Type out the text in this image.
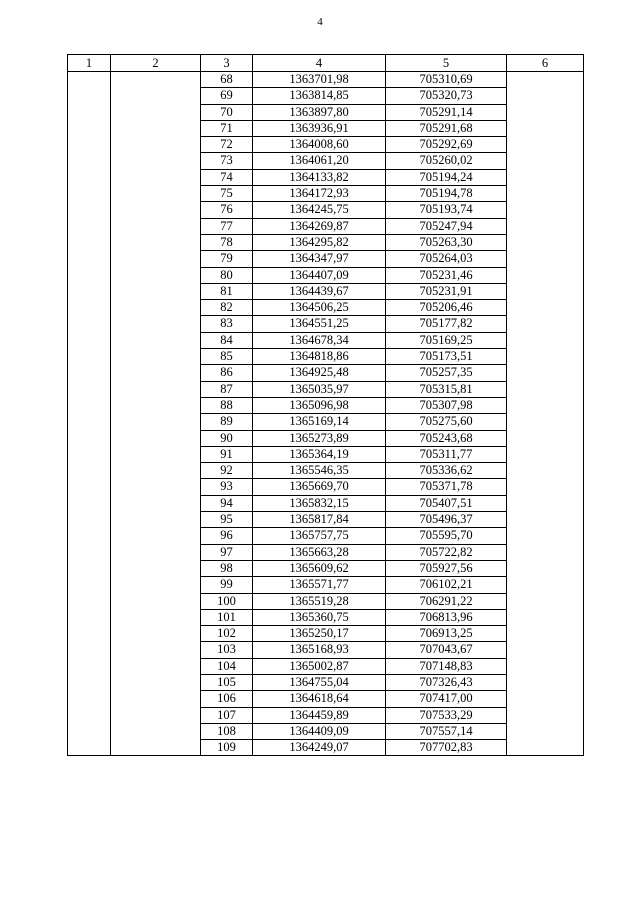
4
1	2	3	4	5	6
		68	1363701,98	705310,69	
		69	1363814,85	705320,73	
		70	1363897,80	705291,14	
		71	1363936,91	705291,68	
		72	1364008,60	705292,69	
		73	1364061,20	705260,02	
		74	1364133,82	705194,24	
		75	1364172,93	705194,78	
		76	1364245,75	705193,74	
		77	1364269,87	705247,94	
		78	1364295,82	705263,30	
		79	1364347,97	705264,03	
		80	1364407,09	705231,46	
		81	1364439,67	705231,91	
		82	1364506,25	705206,46	
		83	1364551,25	705177,82	
		84	1364678,34	705169,25	
		85	1364818,86	705173,51	
		86	1364925,48	705257,35	
		87	1365035,97	705315,81	
		88	1365096,98	705307,98	
		89	1365169,14	705275,60	
		90	1365273,89	705243,68	
		91	1365364,19	705311,77	
		92	1365546,35	705336,62	
		93	1365669,70	705371,78	
		94	1365832,15	705407,51	
		95	1365817,84	705496,37	
		96	1365757,75	705595,70	
		97	1365663,28	705722,82	
		98	1365609,62	705927,56	
		99	1365571,77	706102,21	
		100	1365519,28	706291,22	
		101	1365360,75	706813,96	
		102	1365250,17	706913,25	
		103	1365168,93	707043,67	
		104	1365002,87	707148,83	
		105	1364755,04	707326,43	
		106	1364618,64	707417,00	
		107	1364459,89	707533,29	
		108	1364409,09	707557,14	
		109	1364249,07	707702,83	
